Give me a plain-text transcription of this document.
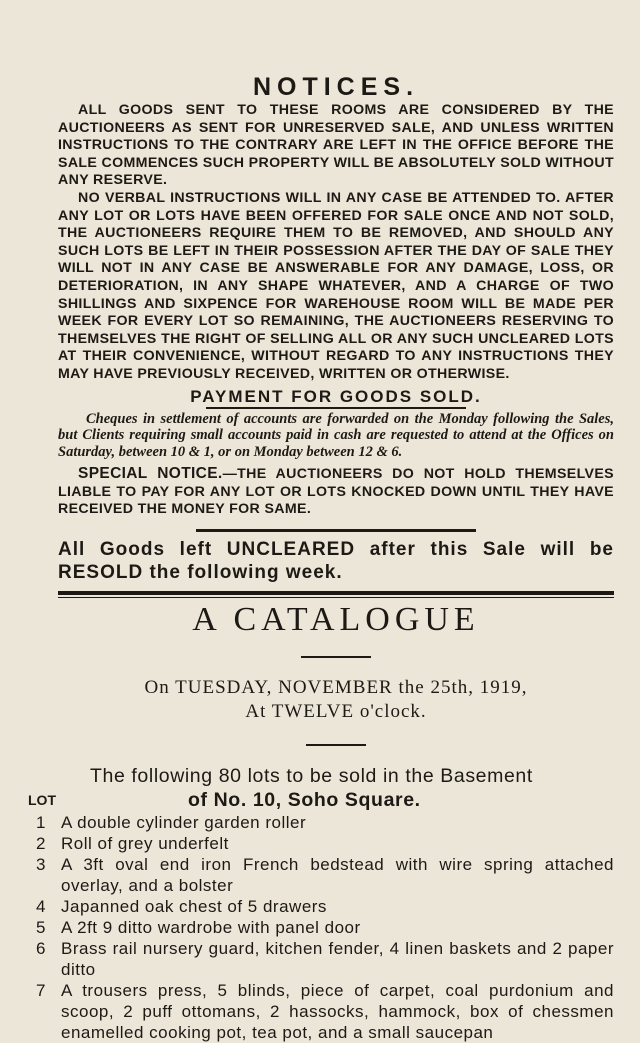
NOTICES.

ALL GOODS SENT TO THESE ROOMS ARE CONSIDERED BY THE AUCTIONEERS AS SENT FOR UNRESERVED SALE, AND UNLESS WRITTEN INSTRUCTIONS TO THE CONTRARY ARE LEFT IN THE OFFICE BEFORE THE SALE COMMENCES SUCH PROPERTY WILL BE ABSOLUTELY SOLD WITHOUT ANY RESERVE.

NO VERBAL INSTRUCTIONS WILL IN ANY CASE BE ATTENDED TO. AFTER ANY LOT OR LOTS HAVE BEEN OFFERED FOR SALE ONCE AND NOT SOLD, THE AUCTIONEERS REQUIRE THEM TO BE REMOVED, AND SHOULD ANY SUCH LOTS BE LEFT IN THEIR POSSESSION AFTER THE DAY OF SALE THEY WILL NOT IN ANY CASE BE ANSWERABLE FOR ANY DAMAGE, LOSS, OR DETERIORATION, IN ANY SHAPE WHATEVER, AND A CHARGE OF TWO SHILLINGS AND SIXPENCE FOR WAREHOUSE ROOM WILL BE MADE PER WEEK FOR EVERY LOT SO REMAINING, THE AUCTIONEERS RESERVING TO THEMSELVES THE RIGHT OF SELLING ALL OR ANY SUCH UNCLEARED LOTS AT THEIR CONVENIENCE, WITHOUT REGARD TO ANY INSTRUCTIONS THEY MAY HAVE PREVIOUSLY RECEIVED, WRITTEN OR OTHERWISE.

PAYMENT FOR GOODS SOLD.

Cheques in settlement of accounts are forwarded on the Monday following the Sales, but Clients requiring small accounts paid in cash are requested to attend at the Offices on Saturday, between 10 & 1, or on Monday between 12 & 6.

SPECIAL NOTICE.—THE AUCTIONEERS DO NOT HOLD THEMSELVES LIABLE TO PAY FOR ANY LOT OR LOTS KNOCKED DOWN UNTIL THEY HAVE RECEIVED THE MONEY FOR SAME.

All Goods left UNCLEARED after this Sale will be RESOLD the following week.

A CATALOGUE
On TUESDAY, NOVEMBER the 25th, 1919,
At TWELVE o'clock.
The following 80 lots to be sold in the Basement
LOT	of No. 10, Soho Square.
1 A double cylinder garden roller
2 Roll of grey underfelt
3 A 3ft oval end iron French bedstead with wire spring attached overlay, and a bolster
4 Japanned oak chest of 5 drawers
5 A 2ft 9 ditto wardrobe with panel door
6 Brass rail nursery guard, kitchen fender, 4 linen baskets and 2 paper ditto
7 A trousers press, 5 blinds, piece of carpet, coal purdonium and scoop, 2 puff ottomans, 2 hassocks, hammock, box of chessmen enamelled cooking pot, tea pot, and a small saucepan
